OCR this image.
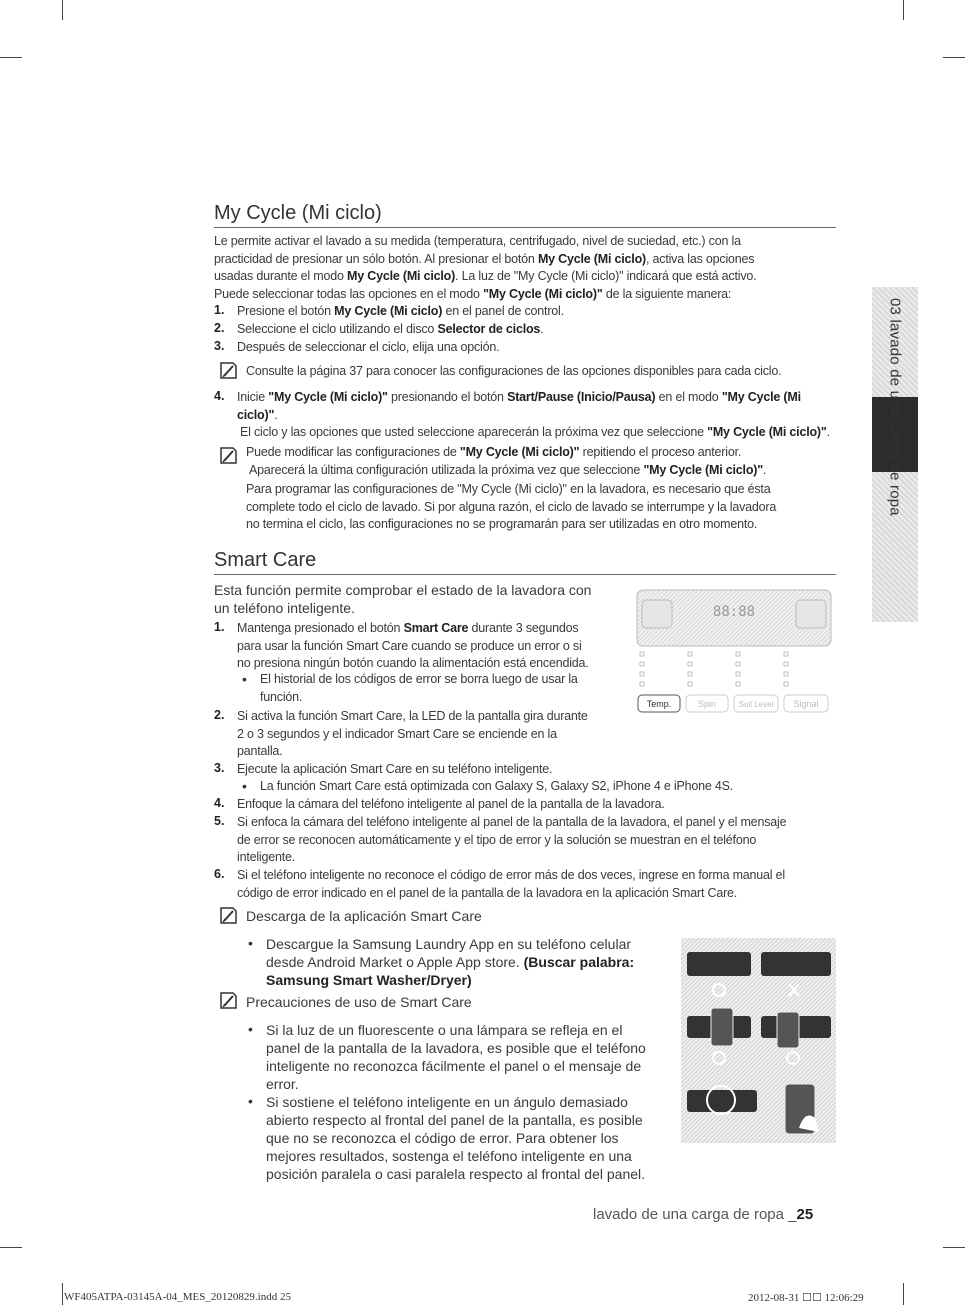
03 lavado de una carga de ropa
My Cycle (Mi ciclo)
Le permite activar el lavado a su medida (temperatura, centrifugado, nivel de suciedad, etc.) con la
practicidad de presionar un sólo botón. Al presionar el botón My Cycle (Mi ciclo), activa las opciones
usadas durante el modo My Cycle (Mi ciclo). La luz de "My Cycle (Mi ciclo)" indicará que está activo.
Puede seleccionar todas las opciones en el modo "My Cycle (Mi ciclo)" de la siguiente manera:
1. Presione el botón My Cycle (Mi ciclo) en el panel de control.
2. Seleccione el ciclo utilizando el disco Selector de ciclos.
3. Después de seleccionar el ciclo, elija una opción.
Consulte la página 37 para conocer las configuraciones de las opciones disponibles para cada ciclo.
4. Inicie "My Cycle (Mi ciclo)" presionando el botón Start/Pause (Inicio/Pausa) en el modo "My Cycle (Mi
ciclo)".
El ciclo y las opciones que usted seleccione aparecerán la próxima vez que seleccione "My Cycle (Mi ciclo)".
Puede modificar las configuraciones de "My Cycle (Mi ciclo)" repitiendo el proceso anterior.
Aparecerá la última configuración utilizada la próxima vez que seleccione "My Cycle (Mi ciclo)".
Para programar las configuraciones de "My Cycle (Mi ciclo)" en la lavadora, es necesario que ésta
complete todo el ciclo de lavado. Si por alguna razón, el ciclo de lavado se interrumpe y la lavadora
no termina el ciclo, las configuraciones no se programarán para ser utilizadas en otro momento.
Smart Care
Esta función permite comprobar el estado de la lavadora con
un teléfono inteligente.
1. Mantenga presionado el botón Smart Care durante 3 segundos
para usar la función Smart Care cuando se produce un error o si
no presiona ningún botón cuando la alimentación está encendida.
• El historial de los códigos de error se borra luego de usar la
función.
2. Si activa la función Smart Care, la LED de la pantalla gira durante
2 o 3 segundos y el indicador Smart Care se enciende en la
pantalla.
88:88
Temp.	Spin	Soil Level Signal
3. Ejecute la aplicación Smart Care en su teléfono inteligente.
• La función Smart Care está optimizada con Galaxy S, Galaxy S2, iPhone 4 e iPhone 4S.
4. Enfoque la cámara del teléfono inteligente al panel de la pantalla de la lavadora.
5. Si enfoca la cámara del teléfono inteligente al panel de la pantalla de la lavadora, el panel y el mensaje
de error se reconocen automáticamente y el tipo de error y la solución se muestran en el teléfono
inteligente.
6. Si el teléfono inteligente no reconoce el código de error más de dos veces, ingrese en forma manual el
código de error indicado en el panel de la pantalla de la lavadora en la aplicación Smart Care.
Descarga de la aplicación Smart Care
• Descargue la Samsung Laundry App en su teléfono celular
desde Android Market o Apple App store. (Buscar palabra:
Samsung Smart Washer/Dryer)
Precauciones de uso de Smart Care
• Si la luz de un fluorescente o una lámpara se refleja en el
panel de la pantalla de la lavadora, es posible que el teléfono
inteligente no reconozca fácilmente el panel o el mensaje de
error.
• Si sostiene el teléfono inteligente en un ángulo demasiado
abierto respecto al frontal del panel de la pantalla, es posible
que no se reconozca el código de error. Para obtener los
mejores resultados, sostenga el teléfono inteligente en una
posición paralela o casi paralela respecto al frontal del panel.
lavado de una carga de ropa _25
WF405ATPA-03145A-04_MES_20120829.indd 25	2012-08-31 ☐☐ 12:06:29
